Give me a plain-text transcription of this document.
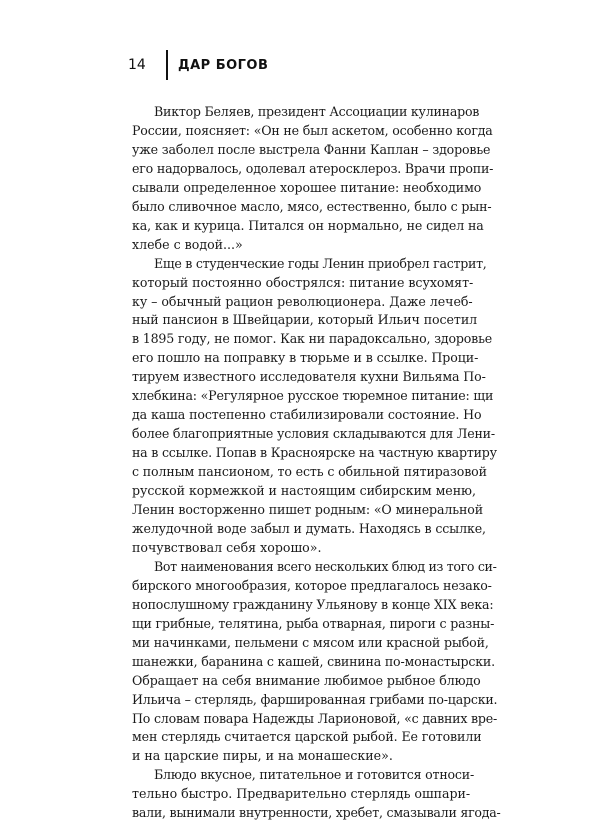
14	ДАР БОГОВ

Виктор Беляев, президент Ассоциации кулинаров
России, поясняет: «Он не был аскетом, особенно когда
уже заболел после выстрела Фанни Каплан – здоровье
его надорвалось, одолевал атеросклероз. Врачи пропи-
сывали определенное хорошее питание: необходимо
было сливочное масло, мясо, естественно, было с рын-
ка, как и курица. Питался он нормально, не сидел на
хлебе с водой...»

Еще в студенческие годы Ленин приобрел гастрит,
который постоянно обострялся: питание всухомят-
ку – обычный рацион революционера. Даже лечеб-
ный пансион в Швейцарии, который Ильич посетил
в 1895 году, не помог. Как ни парадоксально, здоровье
его пошло на поправку в тюрьме и в ссылке. Проци-
тируем известного исследователя кухни Вильяма По-
хлебкина: «Регулярное русское тюремное питание: щи
да каша постепенно стабилизировали состояние. Но
более благоприятные условия складываются для Лени-
на в ссылке. Попав в Красноярске на частную квартиру
с полным пансионом, то есть с обильной пятиразовой
русской кормежкой и настоящим сибирским меню,
Ленин восторженно пишет родным: «О минеральной
желудочной воде забыл и думать. Находясь в ссылке,
почувствовал себя хорошо».

Вот наименования всего нескольких блюд из того си-
бирского многообразия, которое предлагалось незако-
нопослушному гражданину Ульянову в конце XIX века:
щи грибные, телятина, рыба отварная, пироги с разны-
ми начинками, пельмени с мясом или красной рыбой,
шанежки, баранина с кашей, свинина по-монастырски.
Обращает на себя внимание любимое рыбное блюдо
Ильича – стерлядь, фаршированная грибами по-царски.
По словам повара Надежды Ларионовой, «с давних вре-
мен стерлядь считается царской рыбой. Ее готовили
и на царские пиры, и на монашеские».

Блюдо вкусное, питательное и готовится относи-
тельно быстро. Предварительно стерлядь ошпари-
вали, вынимали внутренности, хребет, смазывали ягода-
